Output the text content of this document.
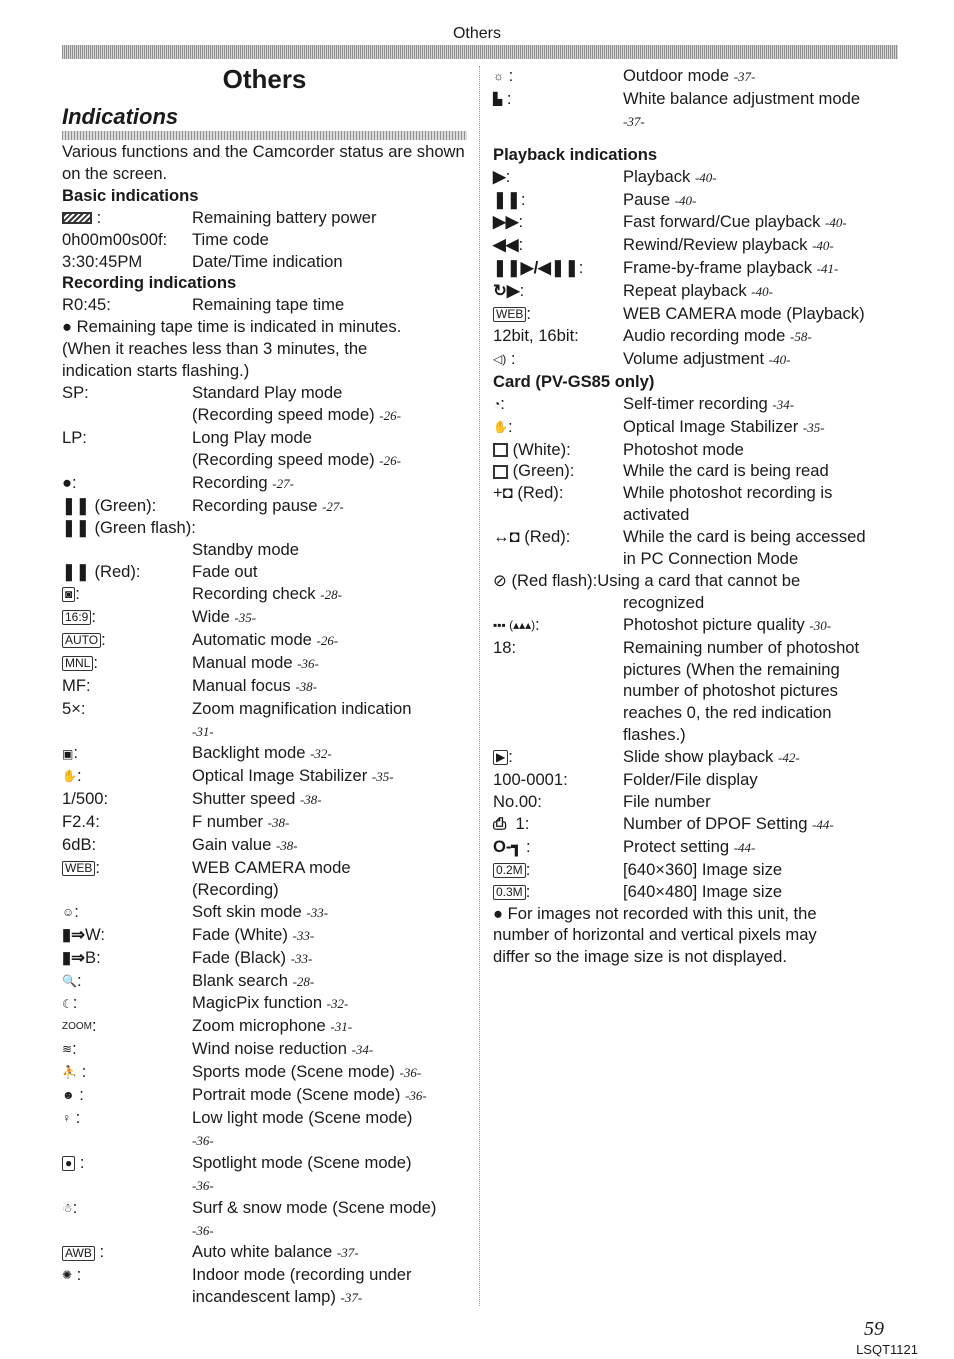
Others
Others
Indications
Various functions and the Camcorder status are shown on the screen.
Basic indications
:	Remaining battery power
0h00m00s00f:	Time code
3:30:45PM	Date/Time indication
Recording indications
R0:45:	Remaining tape time
● Remaining tape time is indicated in minutes.
(When it reaches less than 3 minutes, the
indication starts flashing.)
SP:	Standard Play mode
(Recording speed mode) -26-
LP:	Long Play mode
(Recording speed mode) -26-
●:	Recording -27-
❚❚ (Green):	Recording pause -27-
❚❚ (Green flash):
Standby mode
❚❚ (Red):	Fade out
◙ :	Recording check -28-
16:9 :	Wide -35-
AUTO :	Automatic mode -26-
MNL :	Manual mode -36-
MF:	Manual focus -38-
5×:	Zoom magnification indication
-31-
▣:	Backlight mode -32-
✋:	Optical Image Stabilizer -35-
1/500:	Shutter speed -38-
F2.4:	F number -38-
6dB:	Gain value -38-
WEB :	WEB CAMERA mode
(Recording)
☺:	Soft skin mode -33-
▮⇒W:	Fade (White) -33-
▮⇒B:	Fade (Black) -33-
🔍:	Blank search -28-
☾:	MagicPix function -32-
ZOOM:	Zoom microphone -31-
≋:	Wind noise reduction -34-
⛹ :	Sports mode (Scene mode) -36-
☻ :	Portrait mode (Scene mode) -36-
♀ :	Low light mode (Scene mode)
-36-
● :	Spotlight mode (Scene mode)
-36-
☃:	Surf & snow mode (Scene mode)
-36-
AWB :	Auto white balance -37-
✺ :	Indoor mode (recording under
incandescent lamp) -37-
☼ :	Outdoor mode -37-
▙ :	White balance adjustment mode
-37-
Playback indications
▶:	Playback -40-
❚❚:	Pause -40-
▶▶:	Fast forward/Cue playback -40-
◀◀:	Rewind/Review playback -40-
❚❚▶/◀❚❚:	Frame-by-frame playback -41-
↻▶:	Repeat playback -40-
WEB :	WEB CAMERA mode (Playback)
12bit, 16bit:	Audio recording mode -58-
◁) :	Volume adjustment -40-
Card (PV-GS85 only)
◔:	Self-timer recording -34-
✋:	Optical Image Stabilizer -35-
(White):	Photoshot mode
(Green):	While the card is being read
+◘ (Red):	While photoshot recording is
activated
↔◘ (Red):	While the card is being accessed
in PC Connection Mode
⊘ (Red flash):Using a card that cannot be
recognized
▪▪▪ (▴▴▴):	Photoshot picture quality -30-
18:	Remaining number of photoshot
pictures (When the remaining
number of photoshot pictures
reaches 0, the red indication
flashes.)
▶ :	Slide show playback -42-
100-0001:	Folder/File display
No.00:	File number
⎙ 1:	Number of DPOF Setting -44-
O‑┓ :	Protect setting -44-
0.2M :	[640×360] Image size
0.3M :	[640×480] Image size
● For images not recorded with this unit, the
number of horizontal and vertical pixels may
differ so the image size is not displayed.
59
LSQT1121
